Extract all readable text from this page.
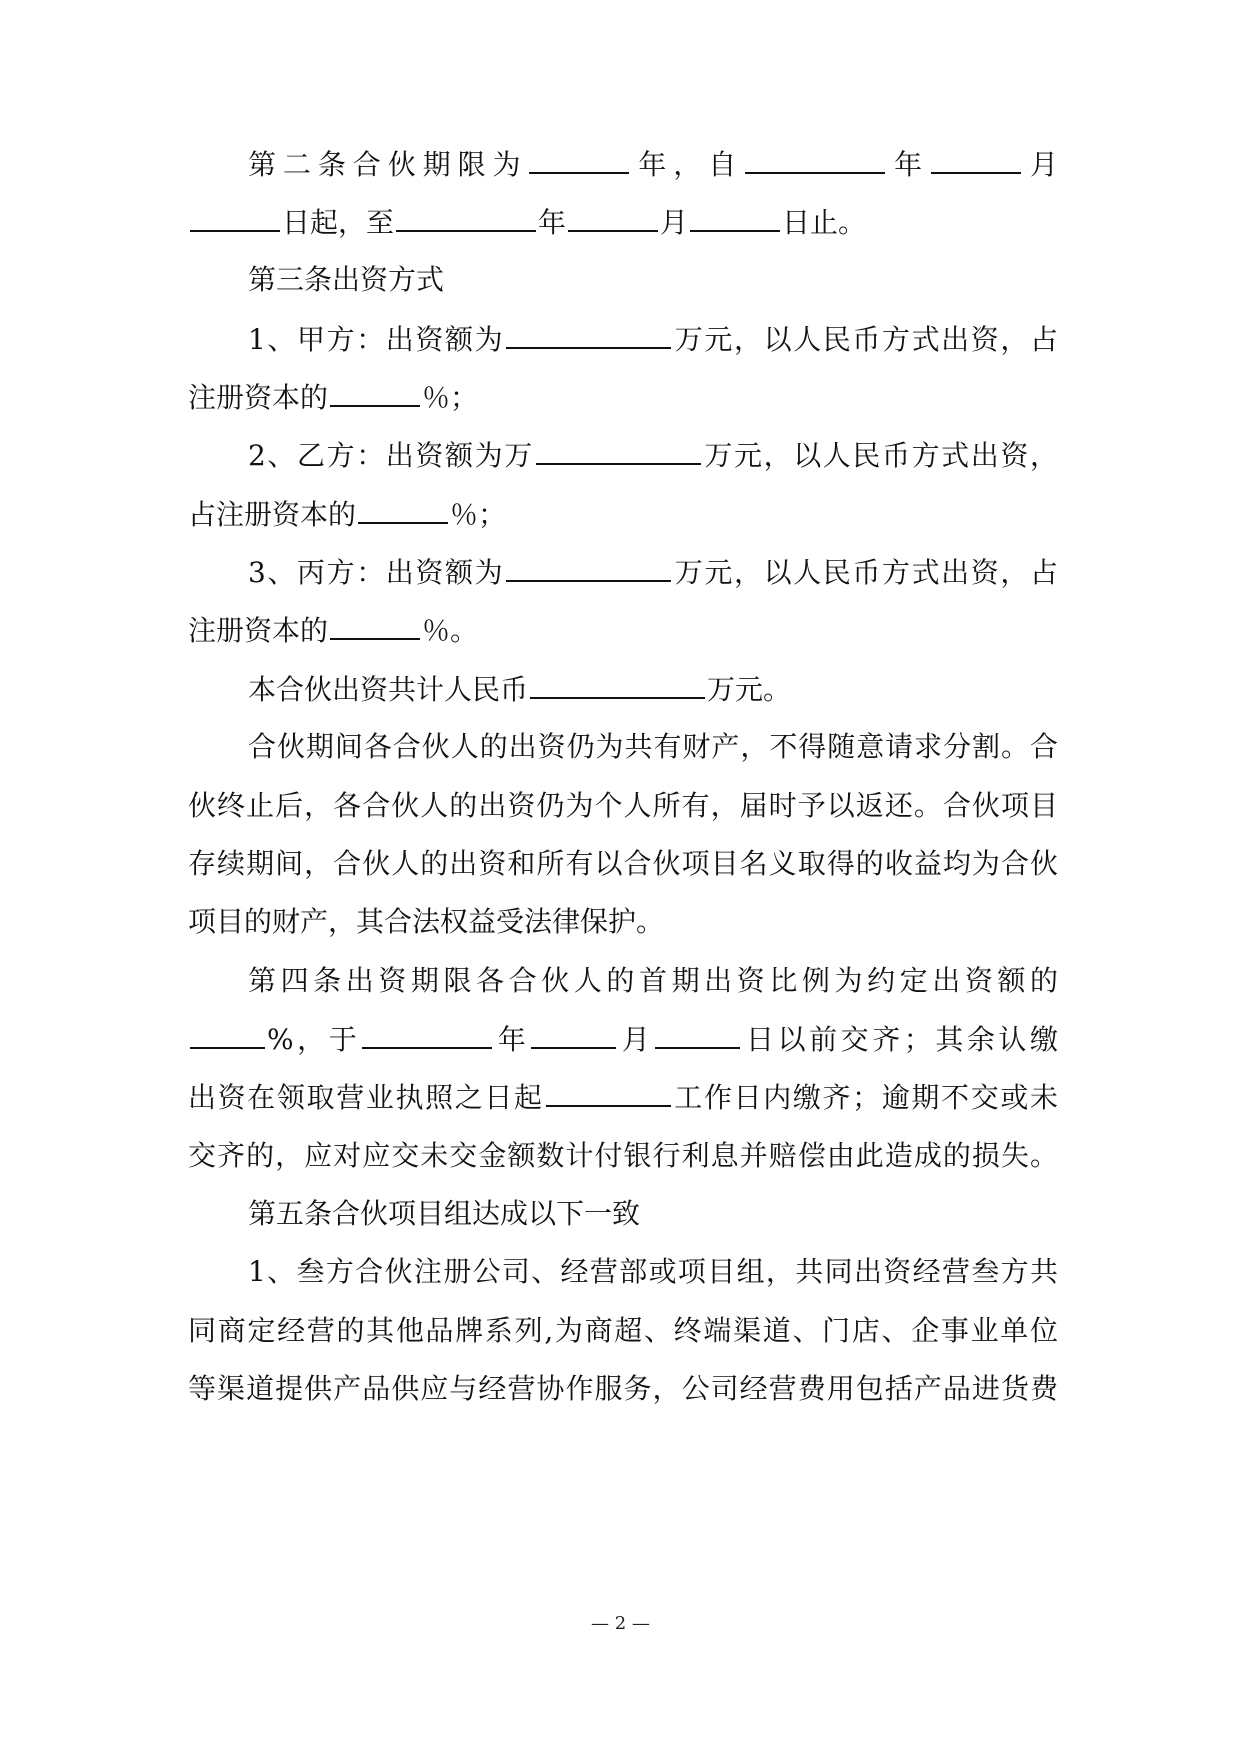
第二条合伙期限为	年，自	年	月
日起，至	年	月	日止。
第三条出资方式
1、甲方：出资额为	万元，以人民币方式出资，占
注册资本的	％；
2、乙方：出资额为万	万元，以人民币方式出资，
占注册资本的	％；
3、丙方：出资额为	万元，以人民币方式出资，占
注册资本的	％。
本合伙出资共计人民币	万元。
合伙期间各合伙人的出资仍为共有财产，不得随意请求分割。合
伙终止后，各合伙人的出资仍为个人所有，届时予以返还。合伙项目
存续期间，合伙人的出资和所有以合伙项目名义取得的收益均为合伙
项目的财产，其合法权益受法律保护。
第四条出资期限各合伙人的首期出资比例为约定出资额的
%，于	年	月	日以前交齐；其余认缴
出资在领取营业执照之日起	工作日内缴齐；逾期不交或未
交齐的，应对应交未交金额数计付银行利息并赔偿由此造成的损失。
第五条合伙项目组达成以下一致
1、叁方合伙注册公司、经营部或项目组，共同出资经营叁方共
同商定经营的其他品牌系列,为商超、终端渠道、门店、企事业单位
等渠道提供产品供应与经营协作服务，公司经营费用包括产品进货费
— 2 —
